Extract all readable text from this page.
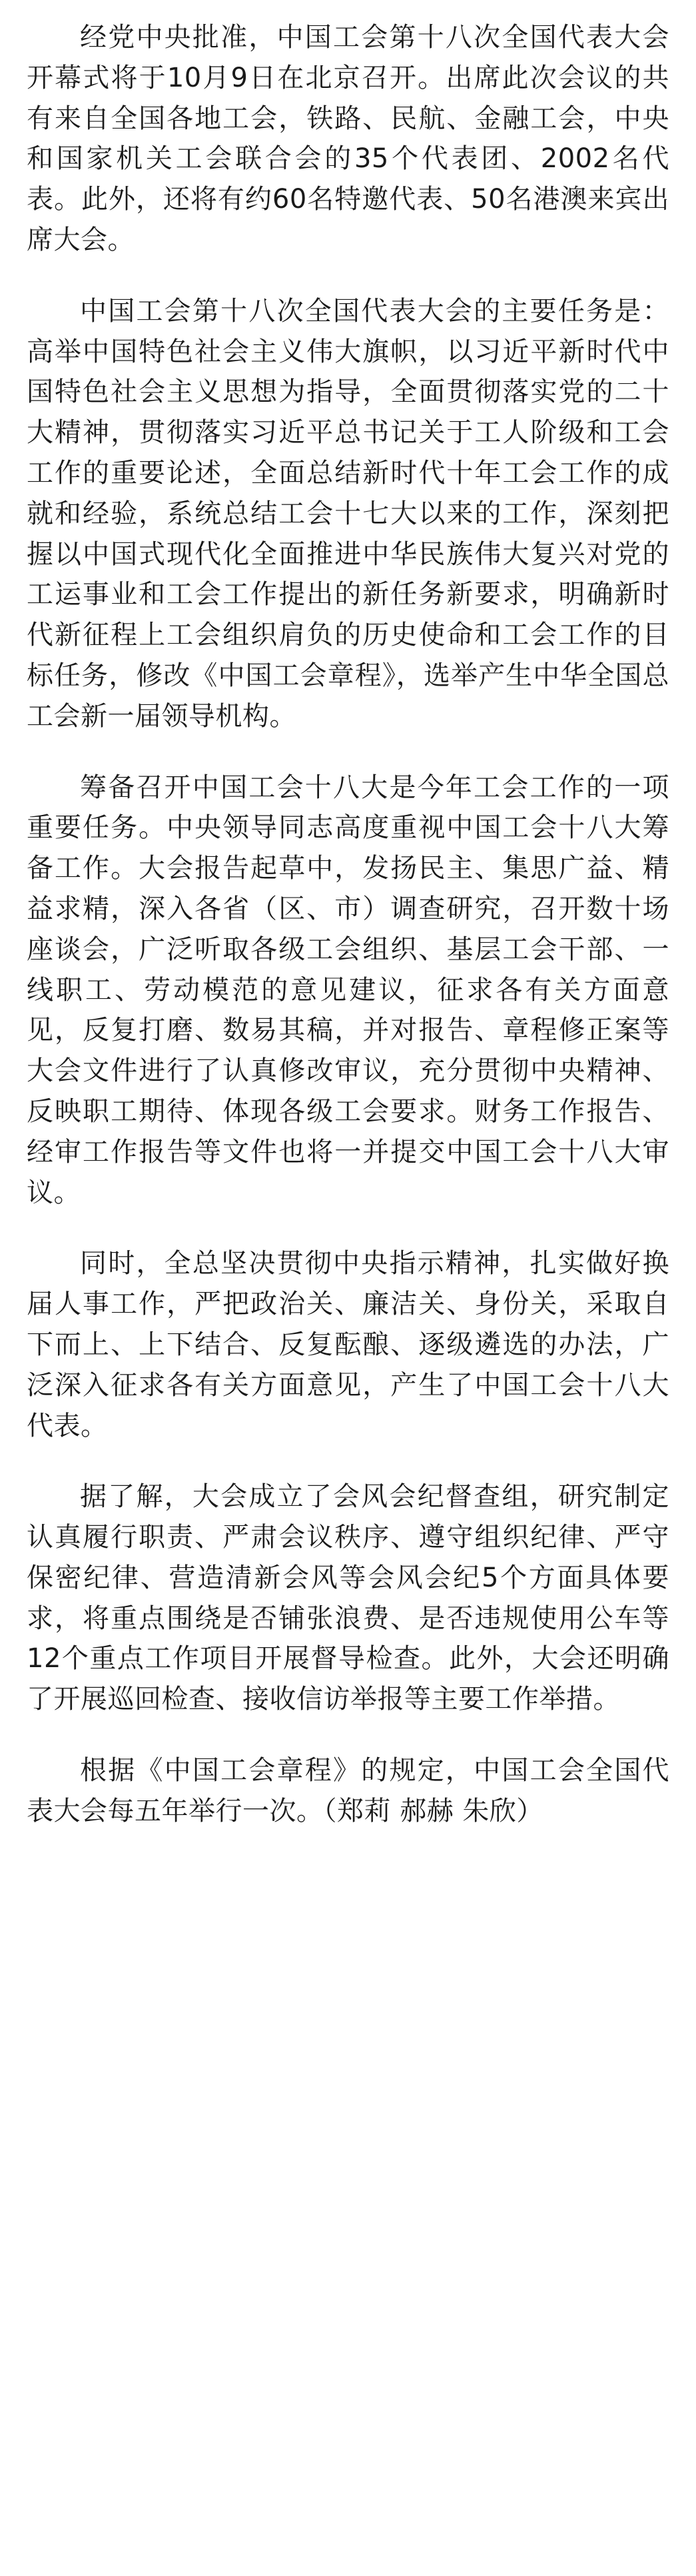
经党中央批准，中国工会第十八次全国代表大会开幕式将于10月9日在北京召开。出席此次会议的共有来自全国各地工会，铁路、民航、金融工会，中央和国家机关工会联合会的35个代表团、2002名代表。此外，还将有约60名特邀代表、50名港澳来宾出席大会。

中国工会第十八次全国代表大会的主要任务是：高举中国特色社会主义伟大旗帜，以习近平新时代中国特色社会主义思想为指导，全面贯彻落实党的二十大精神，贯彻落实习近平总书记关于工人阶级和工会工作的重要论述，全面总结新时代十年工会工作的成就和经验，系统总结工会十七大以来的工作，深刻把握以中国式现代化全面推进中华民族伟大复兴对党的工运事业和工会工作提出的新任务新要求，明确新时代新征程上工会组织肩负的历史使命和工会工作的目标任务，修改《中国工会章程》，选举产生中华全国总工会新一届领导机构。

筹备召开中国工会十八大是今年工会工作的一项重要任务。中央领导同志高度重视中国工会十八大筹备工作。大会报告起草中，发扬民主、集思广益、精益求精，深入各省（区、市）调查研究，召开数十场座谈会，广泛听取各级工会组织、基层工会干部、一线职工、劳动模范的意见建议，征求各有关方面意见，反复打磨、数易其稿，并对报告、章程修正案等大会文件进行了认真修改审议，充分贯彻中央精神、反映职工期待、体现各级工会要求。财务工作报告、经审工作报告等文件也将一并提交中国工会十八大审议。

同时，全总坚决贯彻中央指示精神，扎实做好换届人事工作，严把政治关、廉洁关、身份关，采取自下而上、上下结合、反复酝酿、逐级遴选的办法，广泛深入征求各有关方面意见，产生了中国工会十八大代表。

据了解，大会成立了会风会纪督查组，研究制定认真履行职责、严肃会议秩序、遵守组织纪律、严守保密纪律、营造清新会风等会风会纪5个方面具体要求，将重点围绕是否铺张浪费、是否违规使用公车等12个重点工作项目开展督导检查。此外，大会还明确了开展巡回检查、接收信访举报等主要工作举措。

根据《中国工会章程》的规定，中国工会全国代表大会每五年举行一次。（郑莉 郝赫 朱欣）
